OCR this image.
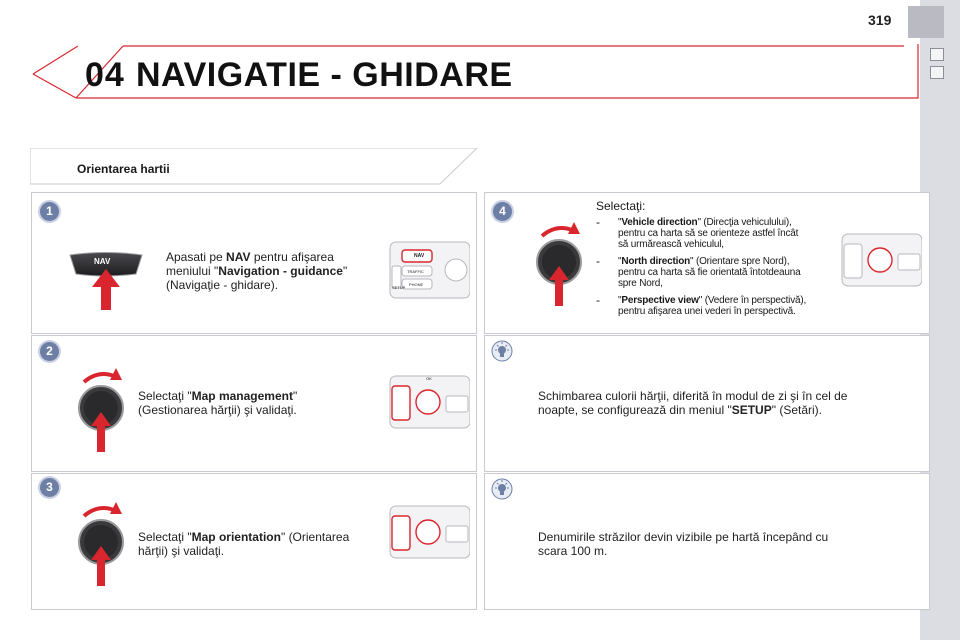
319
04 NAVIGATIE - GHIDARE
Orientarea hartii
1
NAV	Apasati pe NAV pentru afişarea
meniului "Navigation - guidance"
(Navigaţie - ghidare).
NAV
TRAFFIC
PHONE
SETUP
2
Selectaţi "Map management"
(Gestionarea hărţii) şi validaţi.
OK
3
Selectaţi "Map orientation" (Orientarea
hărţii) şi validaţi.
4	Selectaţi:
- "Vehicle direction" (Direcţia vehiculului),
pentru ca harta să se orienteze astfel încât
să urmărească vehiculul,
- "North direction" (Orientare spre Nord),
pentru ca harta să fie orientată întotdeauna
spre Nord,
- "Perspective view" (Vedere în perspectivă),
pentru afişarea unei vederi în perspectivă.
Schimbarea culorii hărţii, diferită în modul de zi şi în cel de
noapte, se configurează din meniul "SETUP" (Setări).
Denumirile străzilor devin vizibile pe hartă începând cu
scara 100 m.
